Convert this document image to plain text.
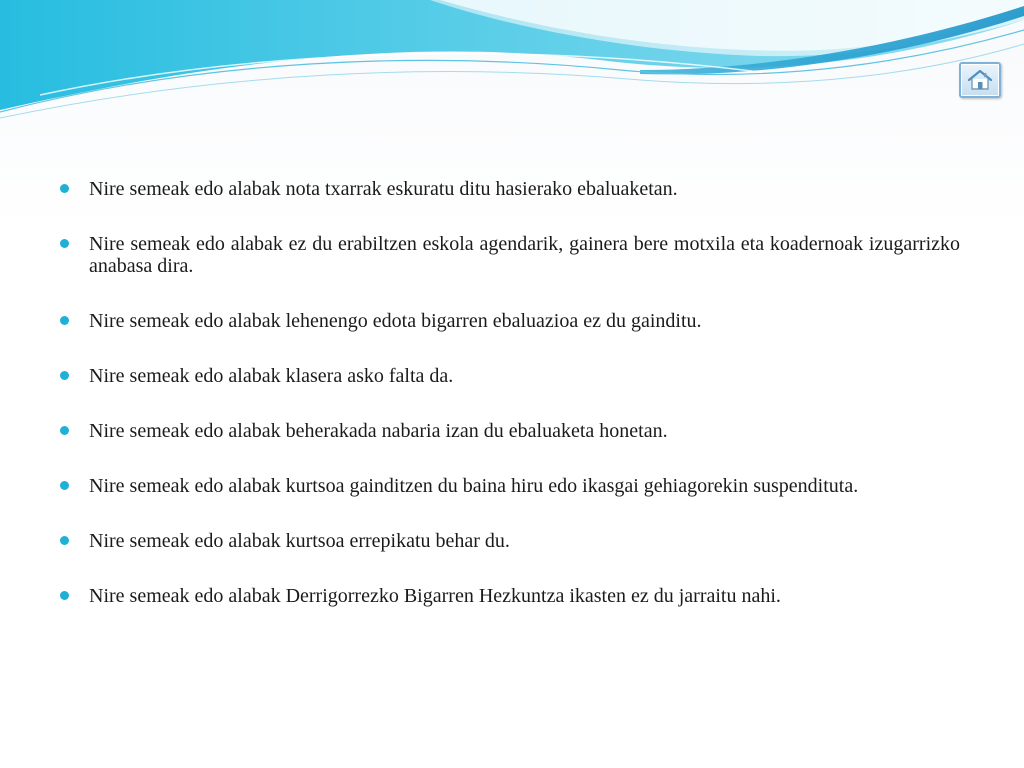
Nire semeak edo alabak nota txarrak eskuratu ditu hasierako ebaluaketan.
Nire semeak edo alabak ez du erabiltzen eskola agendarik, gainera bere motxila eta koadernoak izugarrizko anabasa dira.
Nire semeak edo alabak lehenengo edota bigarren ebaluazioa ez du gainditu.
Nire semeak edo alabak klasera asko falta da.
Nire semeak edo alabak beherakada nabaria izan du ebaluaketa honetan.
Nire semeak edo alabak kurtsoa gainditzen du baina hiru edo ikasgai gehiagorekin suspendituta.
Nire semeak edo alabak kurtsoa errepikatu behar du.
Nire semeak edo alabak Derrigorrezko Bigarren Hezkuntza ikasten ez du jarraitu nahi.
